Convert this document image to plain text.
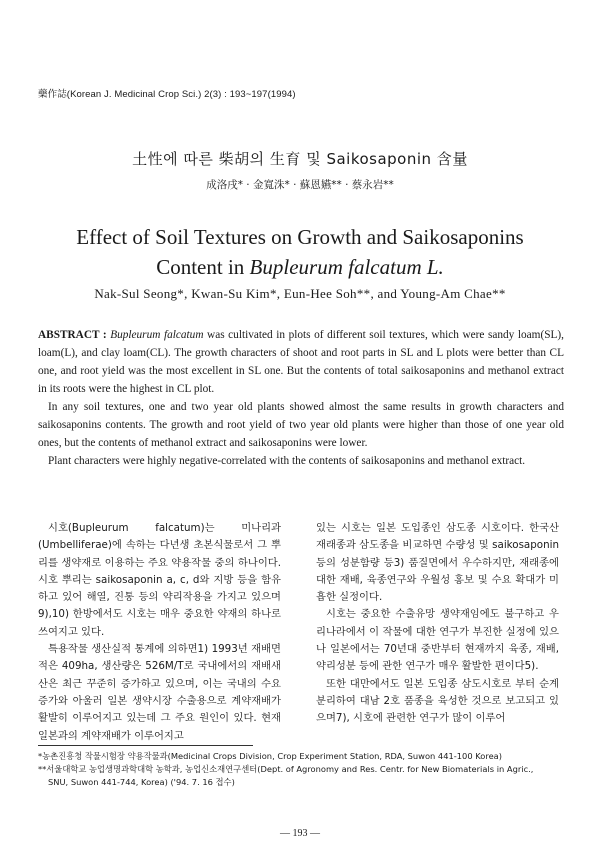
藥作誌(Korean J. Medicinal Crop Sci.) 2(3) : 193~197(1994)
土性에 따른 柴胡의 生育 및 Saikosaponin 含量
成洛戌* · 金寬洙* · 蘇恩嬿** · 蔡永岩**
Effect of Soil Textures on Growth and Saikosaponins
Content in Bupleurum falcatum L.
Nak-Sul Seong*, Kwan-Su Kim*, Eun-Hee Soh**, and Young-Am Chae**

ABSTRACT : Bupleurum falcatum was cultivated in plots of different soil textures, which were sandy loam(SL), loam(L), and clay loam(CL). The growth characters of shoot and root parts in SL and L plots were better than CL one, and root yield was the most excellent in SL one. But the contents of total saikosaponins and methanol extract in its roots were the highest in CL plot.

In any soil textures, one and two year old plants showed almost the same results in growth characters and saikosaponins contents. The growth and root yield of two year old plants were higher than those of one year old ones, but the contents of methanol extract and saikosaponins were lower.

Plant characters were highly negative-correlated with the contents of saikosaponins and methanol extract.

시호(Bupleurum falcatum)는 미나리과(Umbelliferae)에 속하는 다년생 초본식물로서 그 뿌리를 생약재로 이용하는 주요 약용작물 중의 하나이다. 시호 뿌리는 saikosaponin a, c, d와 지방 등을 함유하고 있어 해열, 진통 등의 약리작용을 가지고 있으며9),10) 한방에서도 시호는 매우 중요한 약재의 하나로 쓰여지고 있다.

특용작물 생산실적 통계에 의하면1) 1993년 재배면적은 409ha, 생산량은 526M/T로 국내에서의 재배새산은 최근 꾸준히 증가하고 있으며, 이는 국내의 수요증가와 아울러 일본 생약시장 수출용으로 계약재배가 활발히 이루어지고 있는데 그 주요 원인이 있다. 현재 일본과의 계약재배가 이루어지고

있는 시호는 일본 도입종인 삼도종 시호이다. 한국산 재래종과 삼도종을 비교하면 수량성 및 saikosaponin 등의 성분함량 등3) 품질면에서 우수하지만, 재래종에 대한 재배, 육종연구와 우월성 홍보 및 수요 확대가 미흡한 실정이다.

시호는 중요한 수출유망 생약재임에도 불구하고 우리나라에서 이 작물에 대한 연구가 부진한 실정에 있으나 일본에서는 70년대 중반부터 현재까지 육종, 재배, 약리성분 등에 관한 연구가 매우 활발한 편이다5).

또한 대만에서도 일본 도입종 삼도시호로 부터 순계분리하여 대남 2호 품종을 육성한 것으로 보고되고 있으며7), 시호에 관련한 연구가 많이 이루어

*농촌진흥청 작물시험장 약용작물과(Medicinal Crops Division, Crop Experiment Station, RDA, Suwon 441-100 Korea)

**서울대학교 농업생명과학대학 농학과, 농업신소재연구센터(Dept. of Agronomy and Res. Centr. for New Biomaterials in Agric.,

SNU, Suwon 441-744, Korea) ('94. 7. 16 접수)

— 193 —
